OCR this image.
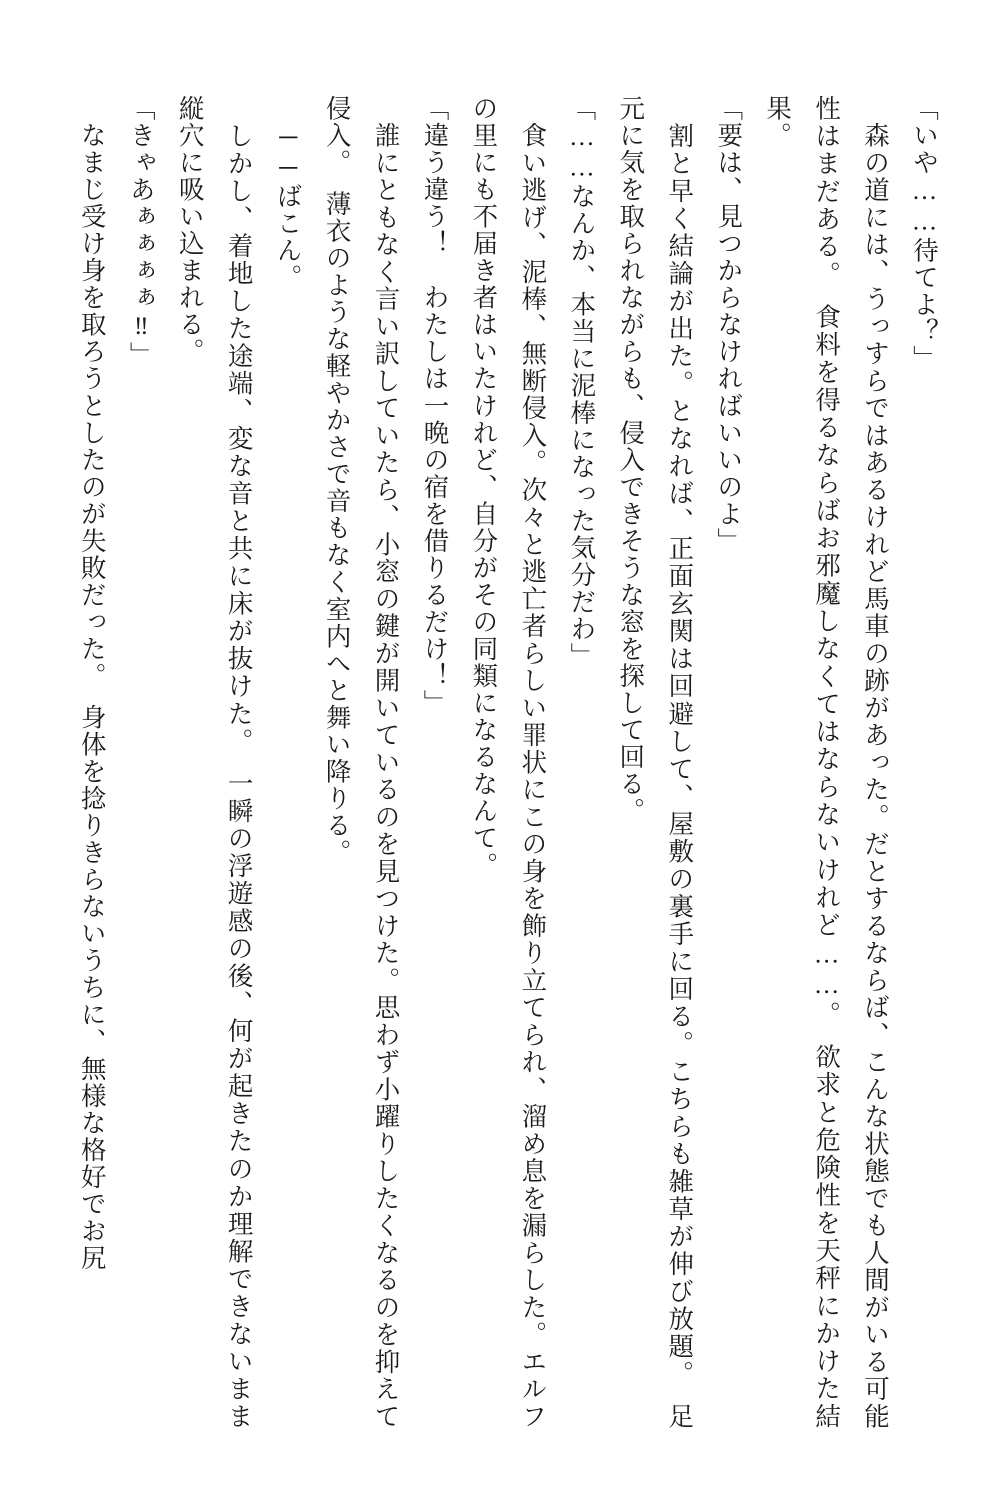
「いや……待てよ？」

　森の道には、うっすらではあるけれど馬車の跡があった。だとするならば、こんな状態でも人間がいる可能性はまだある。　食料を得るならばお邪魔しなくてはならないけれど……。　欲求と危険性を天秤にかけた結果。

「要は、見つからなければいいのよ」

　割と早く結論が出た。となれば、正面玄関は回避して、屋敷の裏手に回る。こちらも雑草が伸び放題。　足元に気を取られながらも、侵入できそうな窓を探して回る。

「……なんか、本当に泥棒になった気分だわ」

　食い逃げ、泥棒、無断侵入。次々と逃亡者らしい罪状にこの身を飾り立てられ、溜め息を漏らした。エルフの里にも不届き者はいたけれど、自分がその同類になるなんて。

「違う違う！　わたしは一晩の宿を借りるだけ！」

　誰にともなく言い訳していたら、小窓の鍵が開いているのを見つけた。思わず小躍りしたくなるのを抑えて侵入。　薄衣のような軽やかさで音もなく室内へと舞い降りる。

　──ばこん。

　しかし、着地した途端、変な音と共に床が抜けた。　一瞬の浮遊感の後、何が起きたのか理解できないまま縦穴に吸い込まれる。

「きゃあぁぁぁぁ‼」

　なまじ受け身を取ろうとしたのが失敗だった。　身体を捻りきらないうちに、無様な格好でお尻
